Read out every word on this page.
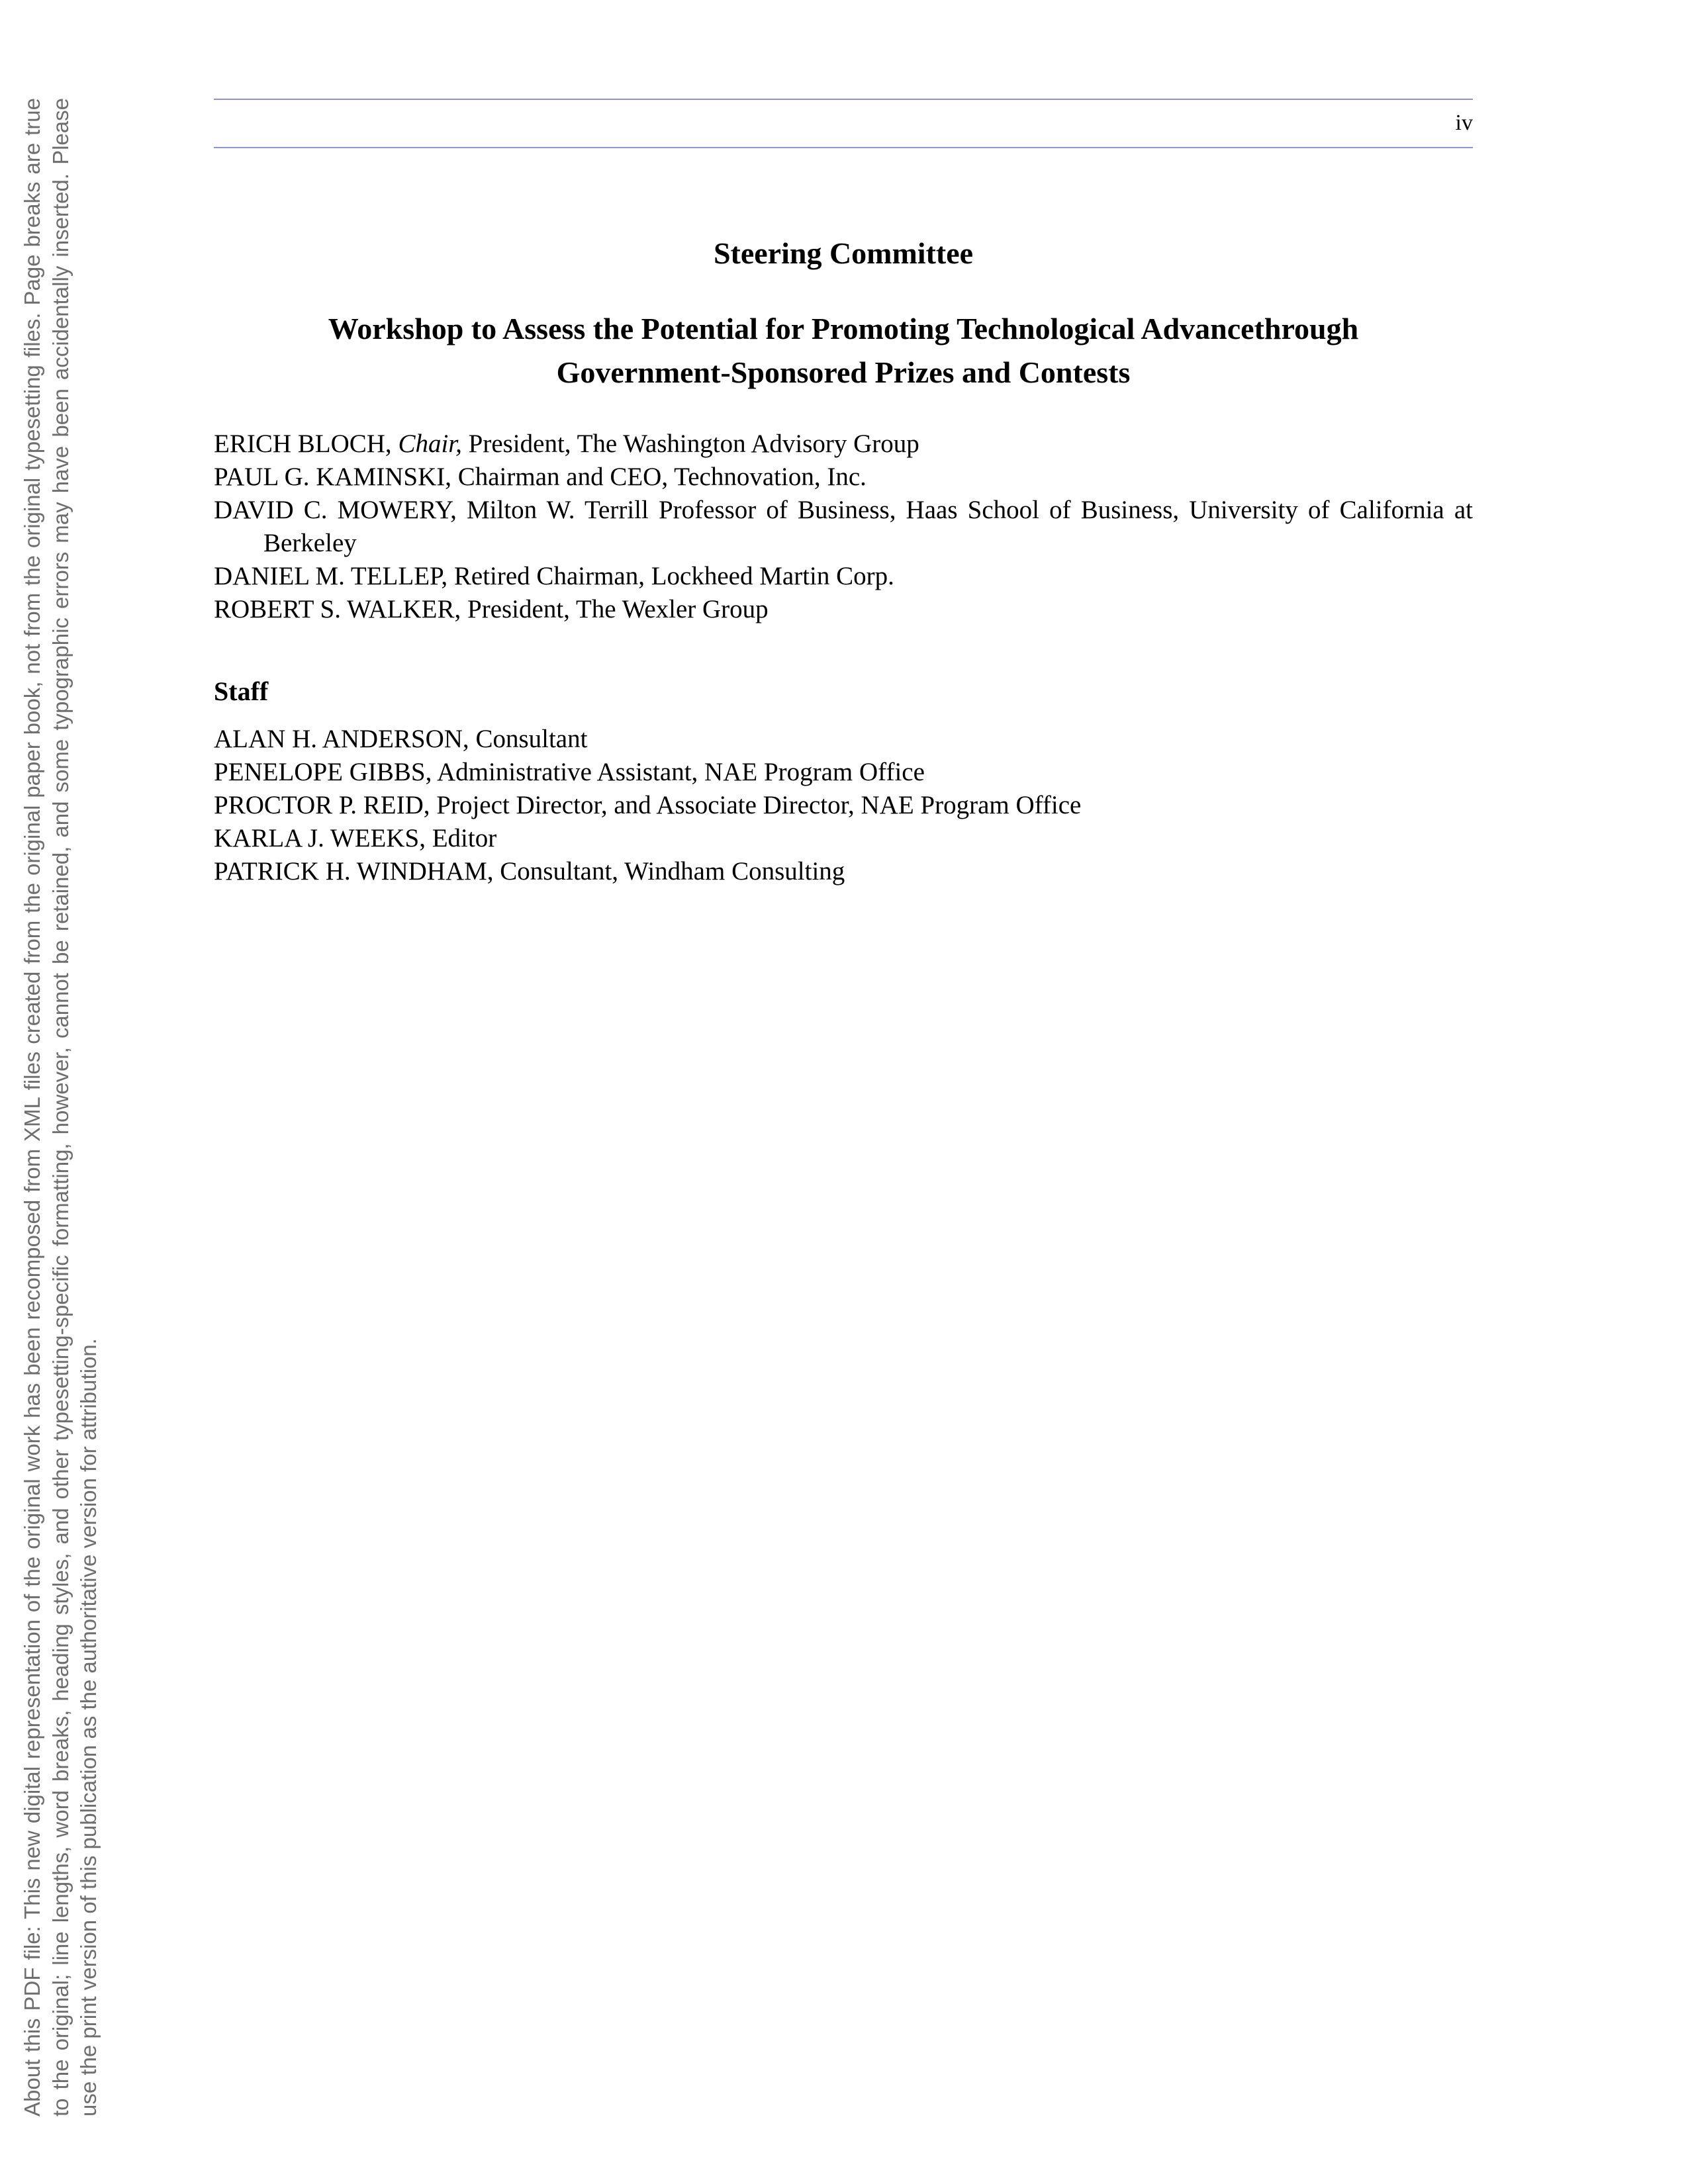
iv
About this PDF file: This new digital representation of the original work has been recomposed from XML files created from the original paper book, not from the original typesetting files. Page breaks are true to the original; line lengths, word breaks, heading styles, and other typesetting-specific formatting, however, cannot be retained, and some typographic errors may have been accidentally inserted. Please use the print version of this publication as the authoritative version for attribution.
Steering Committee
Workshop to Assess the Potential for Promoting Technological Advancethrough
Government-Sponsored Prizes and Contests
ERICH BLOCH, Chair, President, The Washington Advisory Group
PAUL G. KAMINSKI, Chairman and CEO, Technovation, Inc.
DAVID C. MOWERY, Milton W. Terrill Professor of Business, Haas School of Business, University of California at Berkeley
DANIEL M. TELLEP, Retired Chairman, Lockheed Martin Corp.
ROBERT S. WALKER, President, The Wexler Group
Staff
ALAN H. ANDERSON, Consultant
PENELOPE GIBBS, Administrative Assistant, NAE Program Office
PROCTOR P. REID, Project Director, and Associate Director, NAE Program Office
KARLA J. WEEKS, Editor
PATRICK H. WINDHAM, Consultant, Windham Consulting
